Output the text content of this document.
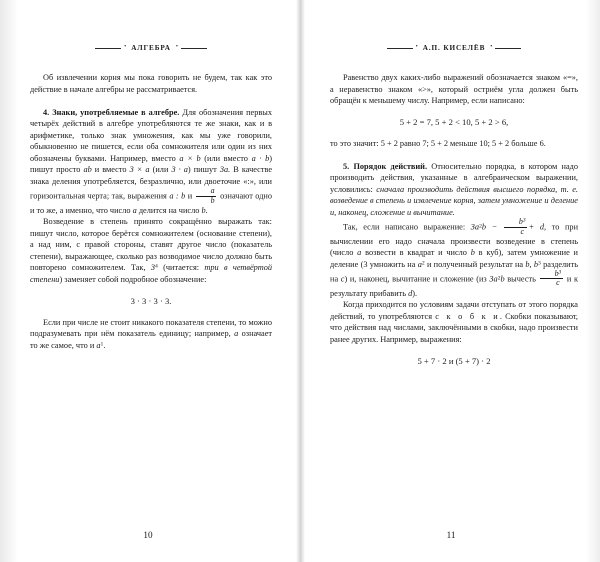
• АЛГЕБРА •

Об извлечении корня мы пока говорить не будем, так как это действие в начале алгебры не рассматривается.

4. Знаки, употребляемые в алгебре. Для обозначения первых четырёх действий в алгебре употребляются те же знаки, как и в арифметике, только знак умножения, как мы уже говорили, обыкновенно не пишется, если оба сомножителя или один из них обозначены буквами. Например, вместо a × b (или вместо a · b) пишут просто ab и вместо 3 × a (или 3 · a) пишут 3a. В качестве знака деления употребляется, безразлично, или двоеточие «:», или горизонтальная черта; так, выражения a : b и $\frac{a}{b}$ означают одно и то же, а именно, что число a делится на число b.

Возведение в степень принято сокращённо выражать так: пишут число, которое берётся сомножителем (основание степени), а над ним, с правой стороны, ставят другое число (показатель степени), выражающее, сколько раз возводимое число должно быть повторено сомножителем. Так, $3^4$ (читается: три в четвёртой степени) заменяет собой подробное обозначение:

3 · 3 · 3 · 3.

Если при числе не стоит никакого показателя степени, то можно подразумевать при нём показатель единицу; например, a означает то же самое, что и $a^1$.

10
• А.П. КИСЕЛЁВ •

Равенство двух каких-либо выражений обозначается знаком «=», а неравенство знаком «>», который остриём угла должен быть обращён к меньшему числу. Например, если написано:

5 + 2 = 7, 5 + 2 < 10, 5 + 2 > 6,

то это значит: 5 + 2 равно 7; 5 + 2 меньше 10; 5 + 2 больше 6.

5. Порядок действий. Относительно порядка, в котором надо производить действия, указанные в алгебраическом выражении, условились: сначала производить действия высшего порядка, т. е. возведение в степень и извлечение корня, затем умножение и деление и, наконец, сложение и вычитание.

Так, если написано выражение: $3a^2b - \frac{b^3}{c} + d$, то при вычислении его надо сначала произвести возведение в степень (число a возвести в квадрат и число b в куб), затем умножение и деление (3 умножить на $a^2$ и полученный результат на b, $b^3$ разделить на c) и, наконец, вычитание и сложение (из $3a^2b$ вычесть $\frac{b^3}{c}$ и к результату прибавить d).

Когда приходится по условиям задачи отступать от этого порядка действий, то употребляются с к о б к и. Скобки показывают, что действия над числами, заключёнными в скобки, надо произвести ранее других. Например, выражения:

5 + 7 · 2 и (5 + 7) · 2
11
